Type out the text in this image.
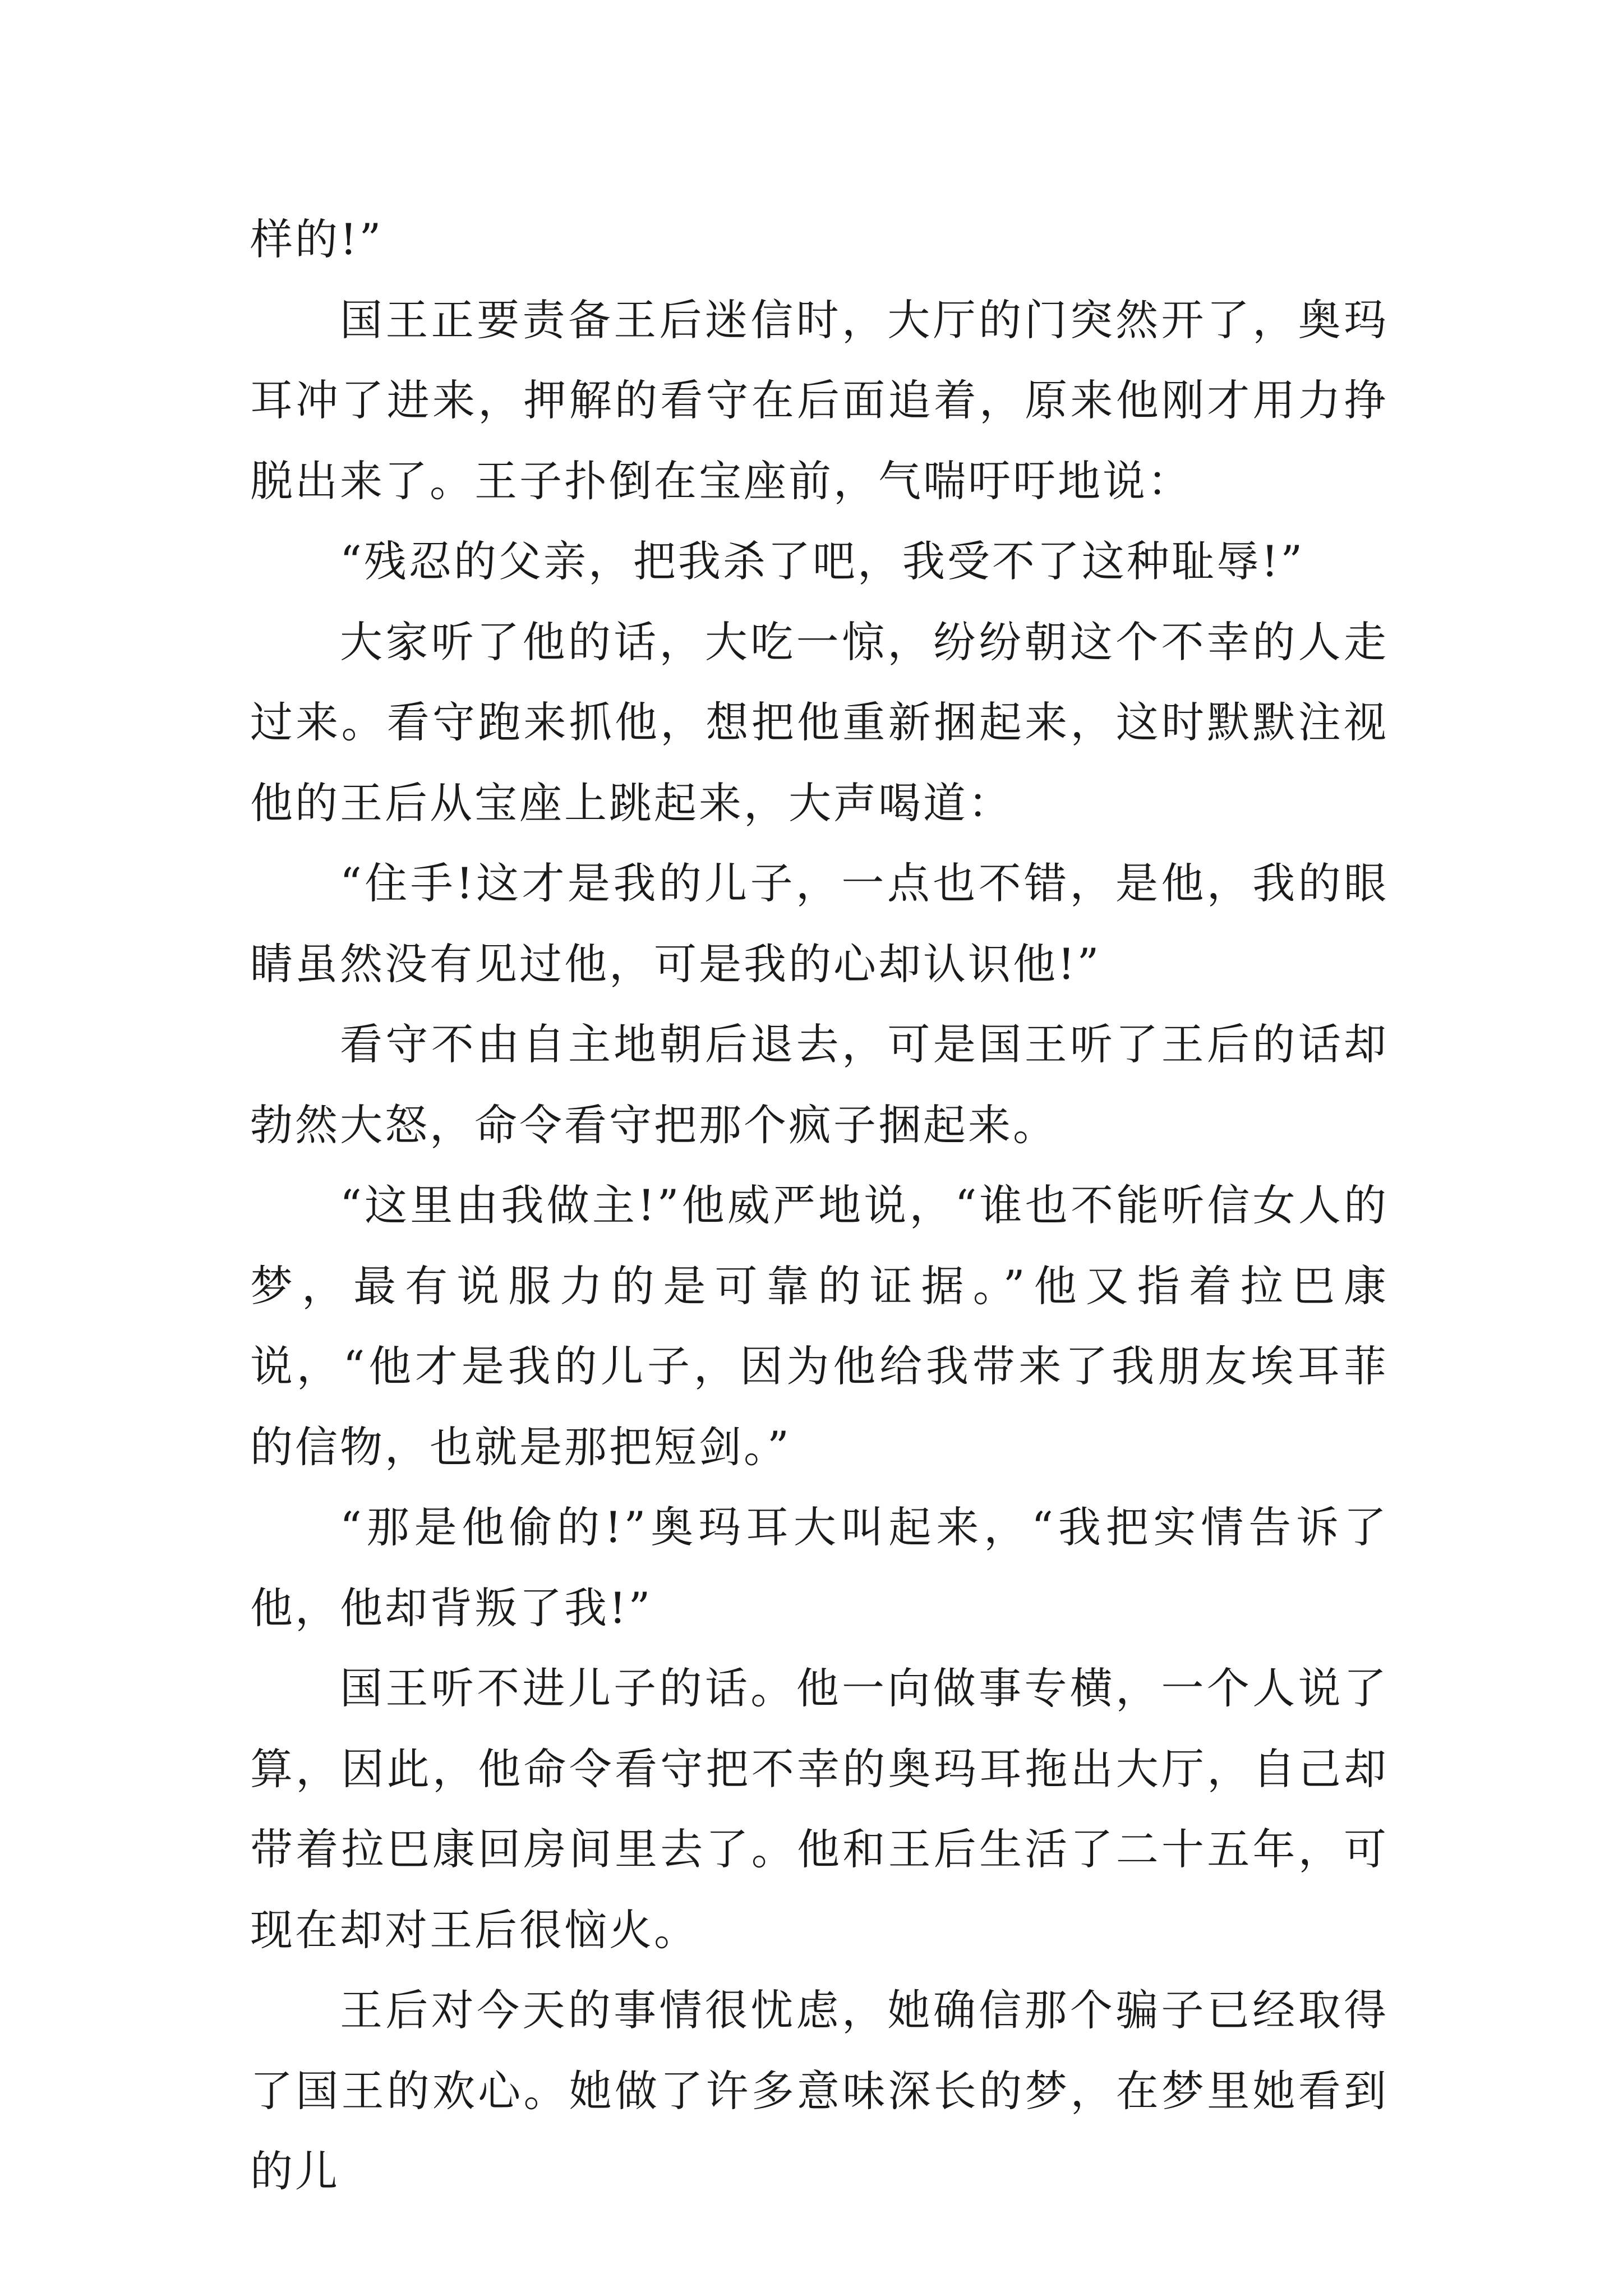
样的!”

国王正要责备王后迷信时，大厅的门突然开了，奥玛耳冲了进来，押解的看守在后面追着，原来他刚才用力挣脱出来了。王子扑倒在宝座前，气喘吁吁地说：

“残忍的父亲，把我杀了吧，我受不了这种耻辱!”

大家听了他的话，大吃一惊，纷纷朝这个不幸的人走过来。看守跑来抓他，想把他重新捆起来，这时默默注视他的王后从宝座上跳起来，大声喝道：

“住手!这才是我的儿子，一点也不错，是他，我的眼睛虽然没有见过他，可是我的心却认识他!”

看守不由自主地朝后退去，可是国王听了王后的话却勃然大怒，命令看守把那个疯子捆起来。

“这里由我做主!”他威严地说，“谁也不能听信女人的梦，最有说服力的是可靠的证据。”他又指着拉巴康说，“他才是我的儿子，因为他给我带来了我朋友埃耳菲的信物，也就是那把短剑。”

“那是他偷的!”奥玛耳大叫起来，“我把实情告诉了他，他却背叛了我!”

国王听不进儿子的话。他一向做事专横，一个人说了算，因此，他命令看守把不幸的奥玛耳拖出大厅，自己却带着拉巴康回房间里去了。他和王后生活了二十五年，可现在却对王后很恼火。

王后对今天的事情很忧虑，她确信那个骗子已经取得了国王的欢心。她做了许多意味深长的梦，在梦里她看到的儿
